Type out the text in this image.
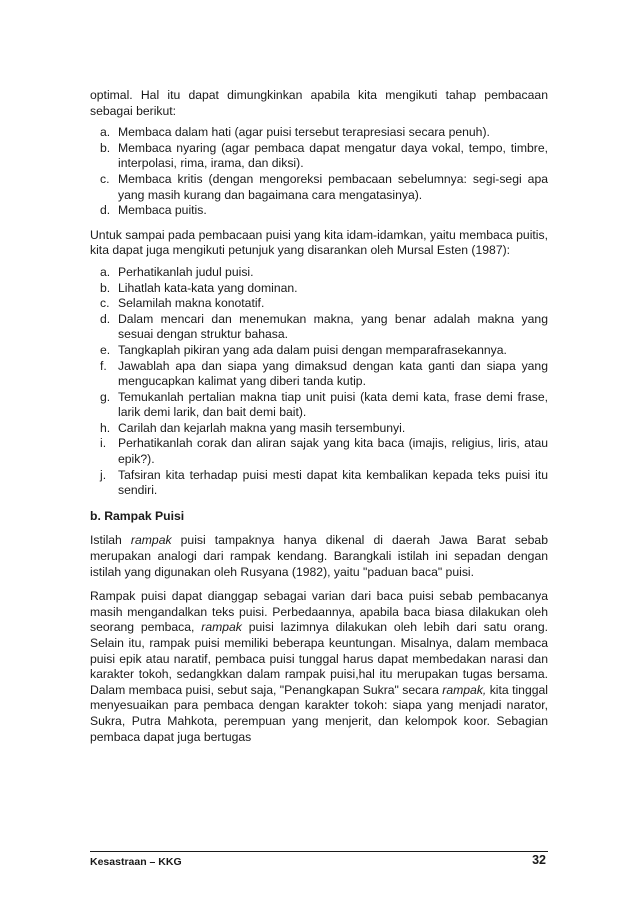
optimal. Hal itu dapat dimungkinkan apabila kita mengikuti tahap pembacaan sebagai berikut:

a. Membaca dalam hati (agar puisi tersebut terapresiasi secara penuh).
b. Membaca nyaring (agar pembaca dapat mengatur daya vokal, tempo, timbre, interpolasi, rima, irama, dan diksi).
c. Membaca kritis (dengan mengoreksi pembacaan sebelumnya: segi-segi apa yang masih kurang dan bagaimana cara mengatasinya).
d. Membaca puitis.

Untuk sampai pada pembacaan puisi yang kita idam-idamkan, yaitu membaca puitis, kita dapat juga mengikuti petunjuk yang disarankan oleh Mursal Esten (1987):

a. Perhatikanlah judul puisi.
b. Lihatlah kata-kata yang dominan.
c. Selamilah makna konotatif.
d. Dalam mencari dan menemukan makna, yang benar adalah makna yang sesuai dengan struktur bahasa.
e. Tangkaplah pikiran yang ada dalam puisi dengan memparafrasekannya.
f. Jawablah apa dan siapa yang dimaksud dengan kata ganti dan siapa yang mengucapkan kalimat yang diberi tanda kutip.
g. Temukanlah pertalian makna tiap unit puisi (kata demi kata, frase demi frase, larik demi larik, dan bait demi bait).
h. Carilah dan kejarlah makna yang masih tersembunyi.
i. Perhatikanlah corak dan aliran sajak yang kita baca (imajis, religius, liris, atau epik?).
j. Tafsiran kita terhadap puisi mesti dapat kita kembalikan kepada teks puisi itu sendiri.

b. Rampak Puisi

Istilah rampak puisi tampaknya hanya dikenal di daerah Jawa Barat sebab merupakan analogi dari rampak kendang. Barangkali istilah ini sepadan dengan istilah yang digunakan oleh Rusyana (1982), yaitu "paduan baca" puisi.

Rampak puisi dapat dianggap sebagai varian dari baca puisi sebab pembacanya masih mengandalkan teks puisi. Perbedaannya, apabila baca biasa dilakukan oleh seorang pembaca, rampak puisi lazimnya dilakukan oleh lebih dari satu orang. Selain itu, rampak puisi memiliki beberapa keuntungan. Misalnya, dalam membaca puisi epik atau naratif, pembaca puisi tunggal harus dapat membedakan narasi dan karakter tokoh, sedangkkan dalam rampak puisi,hal itu merupakan tugas bersama. Dalam membaca puisi, sebut saja, "Penangkapan Sukra" secara rampak, kita tinggal menyesuaikan para pembaca dengan karakter tokoh: siapa yang menjadi narator, Sukra, Putra Mahkota, perempuan yang menjerit, dan kelompok koor. Sebagian pembaca dapat juga bertugas

Kesastraan – KKG	32
